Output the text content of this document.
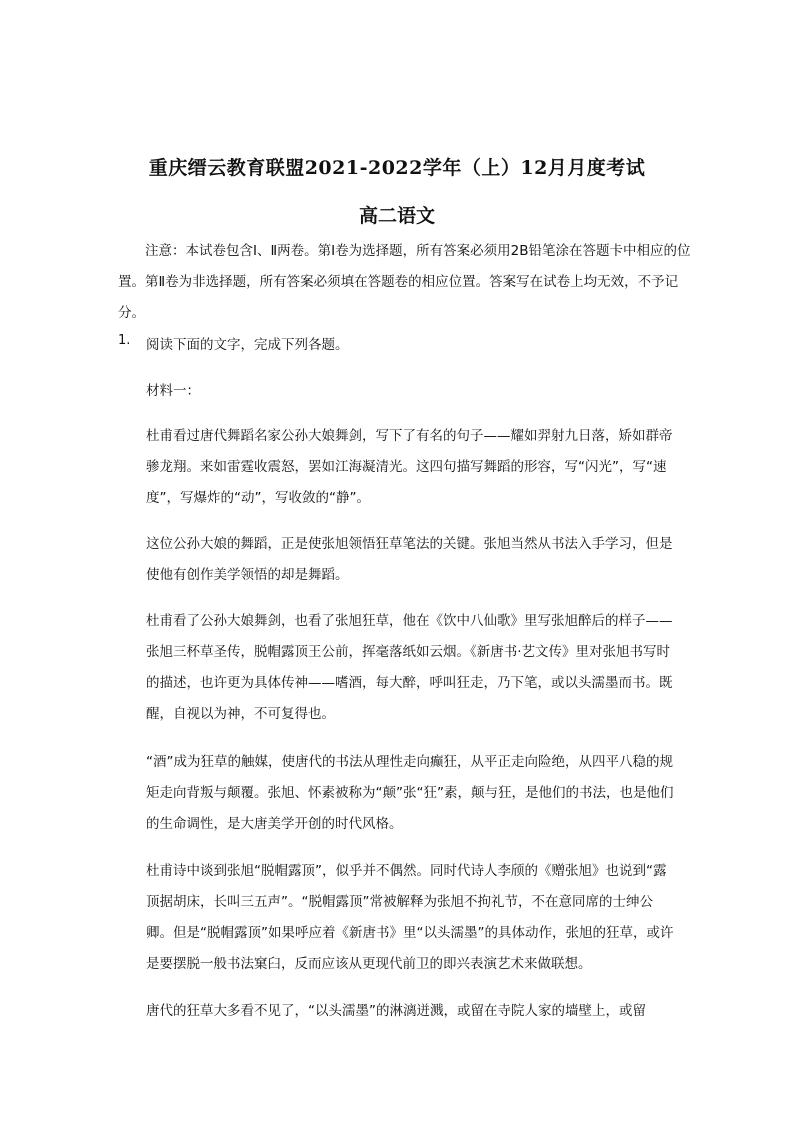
重庆缙云教育联盟2021-2022学年（上）12月月度考试
高二语文

注意：本试卷包含Ⅰ、Ⅱ两卷。第Ⅰ卷为选择题，所有答案必须用2B铅笔涂在答题卡中相应的位置。第Ⅱ卷为非选择题，所有答案必须填在答题卷的相应位置。答案写在试卷上均无效，不予记分。

1. 阅读下面的文字，完成下列各题。

材料一：

杜甫看过唐代舞蹈名家公孙大娘舞剑，写下了有名的句子——耀如羿射九日落，矫如群帝骖龙翔。来如雷霆收震怒，罢如江海凝清光。这四句描写舞蹈的形容，写“闪光”，写“速度”，写爆炸的“动”，写收敛的“静”。

这位公孙大娘的舞蹈，正是使张旭领悟狂草笔法的关键。张旭当然从书法入手学习，但是使他有创作美学领悟的却是舞蹈。

杜甫看了公孙大娘舞剑，也看了张旭狂草，他在《饮中八仙歌》里写张旭醉后的样子——张旭三杯草圣传，脱帽露顶王公前，挥毫落纸如云烟。《新唐书·艺文传》里对张旭书写时的描述，也许更为具体传神——嗜酒，每大醉，呼叫狂走，乃下笔，或以头濡墨而书。既醒，自视以为神，不可复得也。

“酒”成为狂草的触媒，使唐代的书法从理性走向癫狂，从平正走向险绝，从四平八稳的规矩走向背叛与颠覆。张旭、怀素被称为“颠”张“狂”素，颠与狂，是他们的书法，也是他们的生命调性，是大唐美学开创的时代风格。

杜甫诗中谈到张旭“脱帽露顶”，似乎并不偶然。同时代诗人李颀的《赠张旭》也说到“露顶据胡床，长叫三五声”。“脱帽露顶”常被解释为张旭不拘礼节，不在意同席的士绅公卿。但是“脱帽露顶”如果呼应着《新唐书》里“以头濡墨”的具体动作，张旭的狂草，或许是要摆脱一般书法窠臼，反而应该从更现代前卫的即兴表演艺术来做联想。

唐代的狂草大多看不见了，“以头濡墨”的淋漓迸溅，或留在寺院人家的墙壁上，或留
